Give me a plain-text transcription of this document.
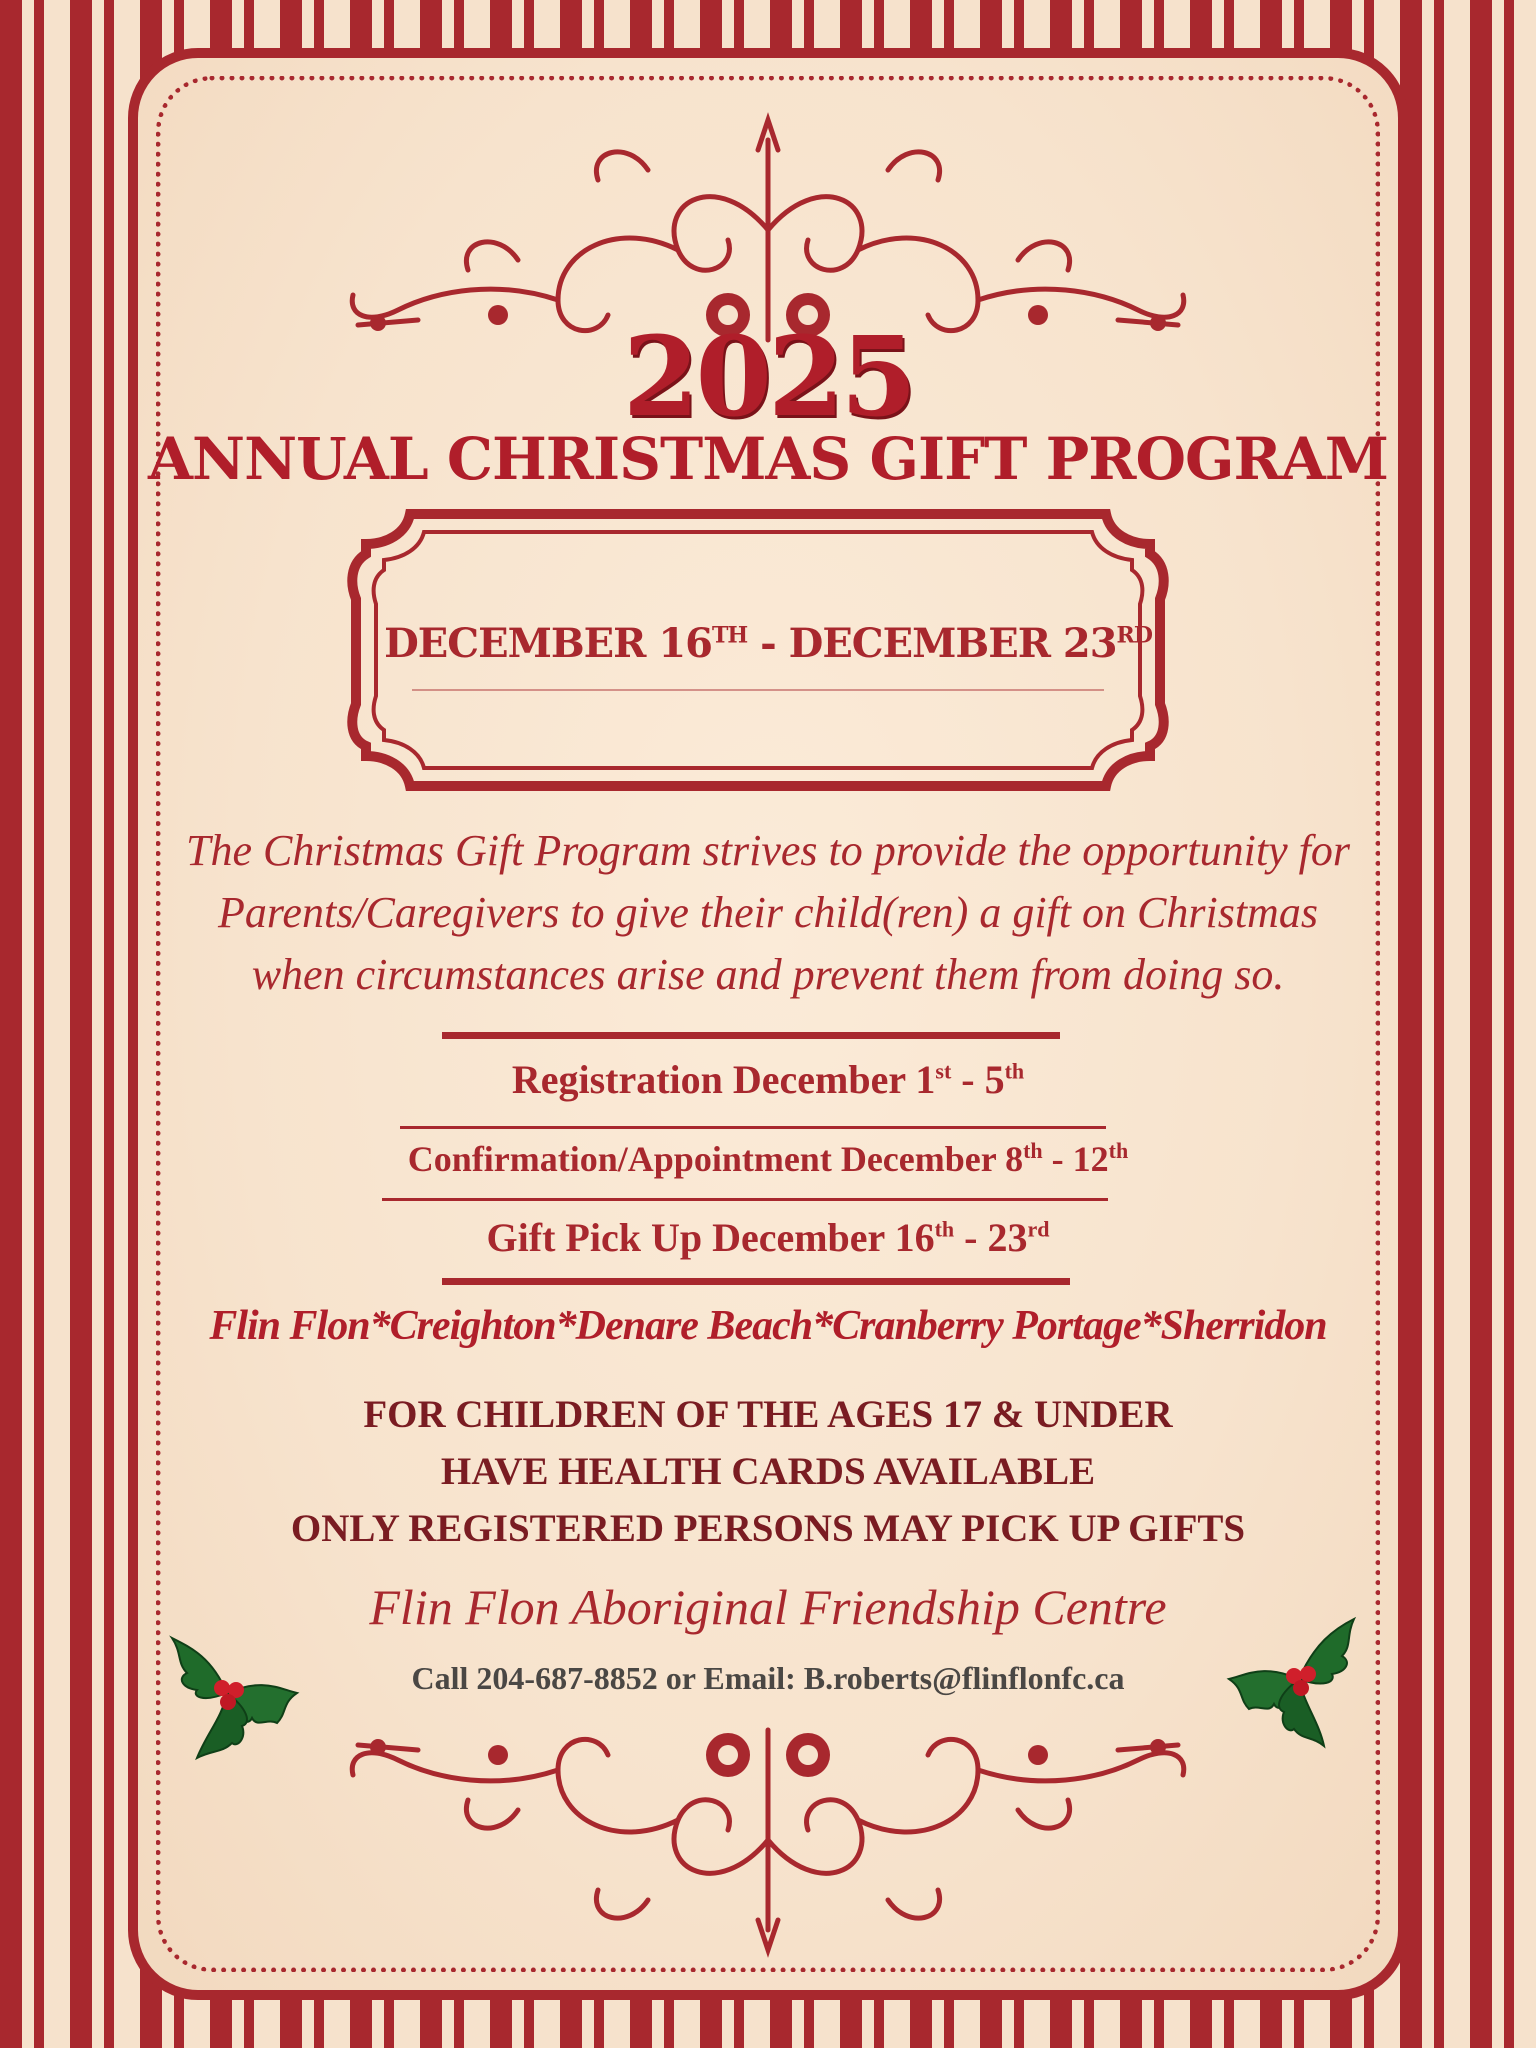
2025
ANNUAL CHRISTMAS GIFT PROGRAM
DECEMBER 16TH - DECEMBER 23RD
The Christmas Gift Program strives to provide the opportunity for Parents/Caregivers to give their child(ren) a gift on Christmas when circumstances arise and prevent them from doing so.
Registration December 1st - 5th
Confirmation/Appointment December 8th - 12th
Gift Pick Up December 16th - 23rd
Flin Flon*Creighton*Denare Beach*Cranberry Portage*Sherridon
FOR CHILDREN OF THE AGES 17 & UNDER
HAVE HEALTH CARDS AVAILABLE
ONLY REGISTERED PERSONS MAY PICK UP GIFTS
Flin Flon Aboriginal Friendship Centre
Call 204-687-8852 or Email: B.roberts@flinflonfc.ca
